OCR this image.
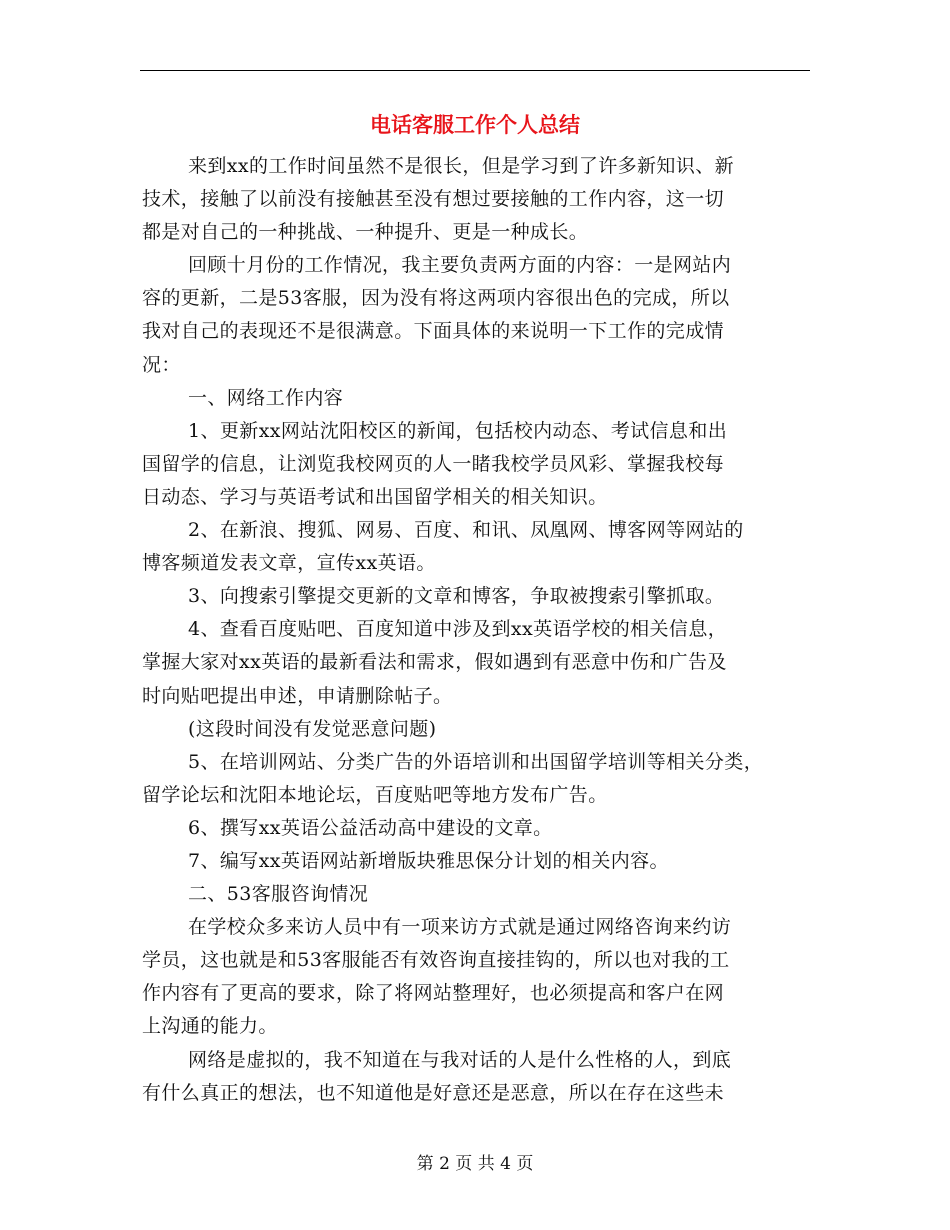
电话客服工作个人总结

来到xx的工作时间虽然不是很长，但是学习到了许多新知识、新
技术，接触了以前没有接触甚至没有想过要接触的工作内容，这一切
都是对自己的一种挑战、一种提升、更是一种成长。

回顾十月份的工作情况，我主要负责两方面的内容：一是网站内
容的更新，二是53客服，因为没有将这两项内容很出色的完成，所以
我对自己的表现还不是很满意。下面具体的来说明一下工作的完成情
况：

一、网络工作内容

1、更新xx网站沈阳校区的新闻，包括校内动态、考试信息和出
国留学的信息，让浏览我校网页的人一睹我校学员风彩、掌握我校每
日动态、学习与英语考试和出国留学相关的相关知识。

2、在新浪、搜狐、网易、百度、和讯、凤凰网、博客网等网站的
博客频道发表文章，宣传xx英语。

3、向搜索引擎提交更新的文章和博客，争取被搜索引擎抓取。

4、查看百度贴吧、百度知道中涉及到xx英语学校的相关信息，
掌握大家对xx英语的最新看法和需求，假如遇到有恶意中伤和广告及
时向贴吧提出申述，申请删除帖子。

(这段时间没有发觉恶意问题)

5、在培训网站、分类广告的外语培训和出国留学培训等相关分类，
留学论坛和沈阳本地论坛，百度贴吧等地方发布广告。

6、撰写xx英语公益活动高中建设的文章。

7、编写xx英语网站新增版块雅思保分计划的相关内容。

二、53客服咨询情况

在学校众多来访人员中有一项来访方式就是通过网络咨询来约访
学员，这也就是和53客服能否有效咨询直接挂钩的，所以也对我的工
作内容有了更高的要求，除了将网站整理好，也必须提高和客户在网
上沟通的能力。

网络是虚拟的，我不知道在与我对话的人是什么性格的人，到底
有什么真正的想法，也不知道他是好意还是恶意，所以在存在这些未

第 2 页 共 4 页
